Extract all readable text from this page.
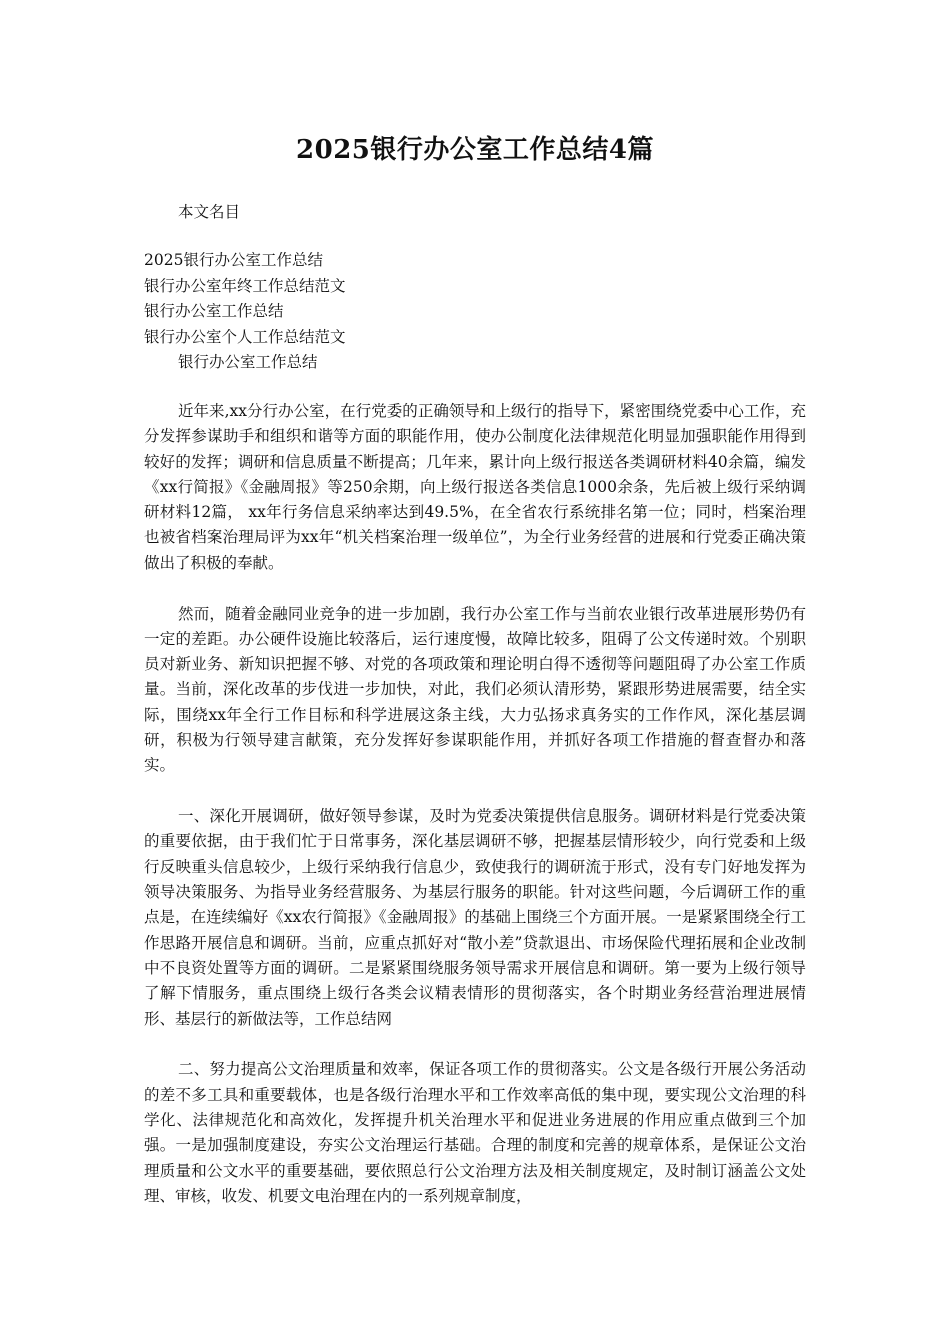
2025银行办公室工作总结4篇
本文名目
2025银行办公室工作总结
银行办公室年终工作总结范文
银行办公室工作总结
银行办公室个人工作总结范文
银行办公室工作总结

近年来,xx分行办公室，在行党委的正确领导和上级行的指导下，紧密围绕党委中心工作，充分发挥参谋助手和组织和谐等方面的职能作用，使办公制度化法律规范化明显加强职能作用得到较好的发挥；调研和信息质量不断提高；几年来，累计向上级行报送各类调研材料40余篇，编发《xx行简报》《金融周报》等250余期，向上级行报送各类信息1000余条，先后被上级行采纳调研材料12篇， xx年行务信息采纳率达到49.5%，在全省农行系统排名第一位；同时，档案治理也被省档案治理局评为xx年“机关档案治理一级单位”，为全行业务经营的进展和行党委正确决策做出了积极的奉献。

然而，随着金融同业竞争的进一步加剧，我行办公室工作与当前农业银行改革进展形势仍有一定的差距。办公硬件设施比较落后，运行速度慢，故障比较多，阻碍了公文传递时效。个别职员对新业务、新知识把握不够、对党的各项政策和理论明白得不透彻等问题阻碍了办公室工作质量。当前，深化改革的步伐进一步加快，对此，我们必须认清形势，紧跟形势进展需要，结全实际，围绕xx年全行工作目标和科学进展这条主线，大力弘扬求真务实的工作作风，深化基层调研，积极为行领导建言献策，充分发挥好参谋职能作用，并抓好各项工作措施的督查督办和落实。

一、深化开展调研，做好领导参谋，及时为党委决策提供信息服务。调研材料是行党委决策的重要依据，由于我们忙于日常事务，深化基层调研不够，把握基层情形较少，向行党委和上级行反映重头信息较少，上级行采纳我行信息少，致使我行的调研流于形式，没有专门好地发挥为领导决策服务、为指导业务经营服务、为基层行服务的职能。针对这些问题，今后调研工作的重点是，在连续编好《xx农行简报》《金融周报》的基础上围绕三个方面开展。一是紧紧围绕全行工作思路开展信息和调研。当前，应重点抓好对“散小差”贷款退出、市场保险代理拓展和企业改制中不良资处置等方面的调研。二是紧紧围绕服务领导需求开展信息和调研。第一要为上级行领导了解下情服务，重点围绕上级行各类会议精表情形的贯彻落实，各个时期业务经营治理进展情形、基层行的新做法等，工作总结网

二、努力提高公文治理质量和效率，保证各项工作的贯彻落实。公文是各级行开展公务活动的差不多工具和重要载体，也是各级行治理水平和工作效率高低的集中现，要实现公文治理的科学化、法律规范化和高效化，发挥提升机关治理水平和促进业务进展的作用应重点做到三个加强。一是加强制度建设，夯实公文治理运行基础。合理的制度和完善的规章体系，是保证公文治理质量和公文水平的重要基础，要依照总行公文治理方法及相关制度规定，及时制订涵盖公文处理、审核，收发、机要文电治理在内的一系列规章制度，
